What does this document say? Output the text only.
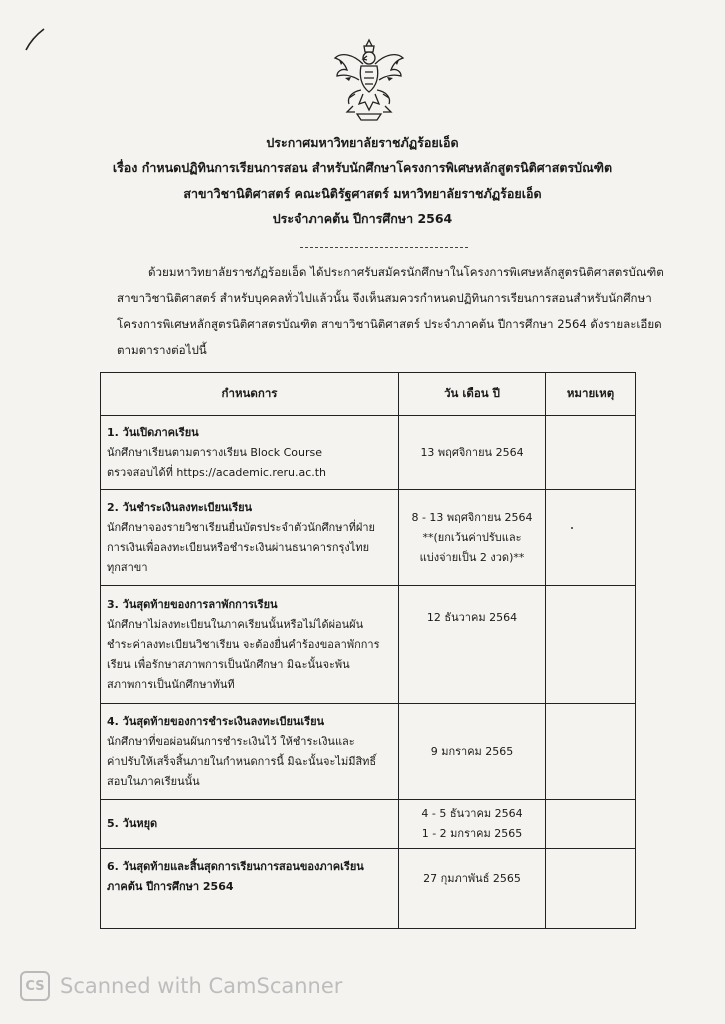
ประกาศมหาวิทยาลัยราชภัฏร้อยเอ็ด
เรื่อง กำหนดปฏิทินการเรียนการสอน สำหรับนักศึกษาโครงการพิเศษหลักสูตรนิติศาสตรบัณฑิต
สาขาวิชานิติศาสตร์ คณะนิติรัฐศาสตร์ มหาวิทยาลัยราชภัฏร้อยเอ็ด
ประจำภาคต้น ปีการศึกษา 2564
ด้วยมหาวิทยาลัยราชภัฏร้อยเอ็ด ได้ประกาศรับสมัครนักศึกษาในโครงการพิเศษหลักสูตรนิติศาสตรบัณฑิต
สาขาวิชานิติศาสตร์ สำหรับบุคคลทั่วไปแล้วนั้น จึงเห็นสมควรกำหนดปฏิทินการเรียนการสอนสำหรับนักศึกษา
โครงการพิเศษหลักสูตรนิติศาสตรบัณฑิต สาขาวิชานิติศาสตร์ ประจำภาคต้น ปีการศึกษา 2564 ดังรายละเอียด
ตามตารางต่อไปนี้
กำหนดการ	วัน เดือน ปี	หมายเหตุ

1. วันเปิดภาคเรียน
นักศึกษาเรียนตามตารางเรียน Block Course
ตรวจสอบได้ที่ https://academic.reru.ac.th	13 พฤศจิกายน 2564	

2. วันชำระเงินลงทะเบียนเรียน
นักศึกษาจองรายวิชาเรียนยื่นบัตรประจำตัวนักศึกษาที่ฝ่าย
การเงินเพื่อลงทะเบียนหรือชำระเงินผ่านธนาคารกรุงไทย
ทุกสาขา	8 - 13 พฤศจิกายน 2564
**(ยกเว้นค่าปรับและ
แบ่งจ่ายเป็น 2 งวด)**	

3. วันสุดท้ายของการลาพักการเรียน
นักศึกษาไม่ลงทะเบียนในภาคเรียนนั้นหรือไม่ได้ผ่อนผัน
ชำระค่าลงทะเบียนวิชาเรียน จะต้องยื่นคำร้องขอลาพักการ
เรียน เพื่อรักษาสภาพการเป็นนักศึกษา มิฉะนั้นจะพ้น
สภาพการเป็นนักศึกษาทันที	12 ธันวาคม 2564	

4. วันสุดท้ายของการชำระเงินลงทะเบียนเรียน
นักศึกษาที่ขอผ่อนผันการชำระเงินไว้ ให้ชำระเงินและ
ค่าปรับให้เสร็จสิ้นภายในกำหนดการนี้ มิฉะนั้นจะไม่มีสิทธิ์
สอบในภาคเรียนนั้น	9 มกราคม 2565	

5. วันหยุด	4 - 5 ธันวาคม 2564
1 - 2 มกราคม 2565	

6. วันสุดท้ายและสิ้นสุดการเรียนการสอนของภาคเรียน
ภาคต้น ปีการศึกษา 2564	27 กุมภาพันธ์ 2565	

CS Scanned with CamScanner
